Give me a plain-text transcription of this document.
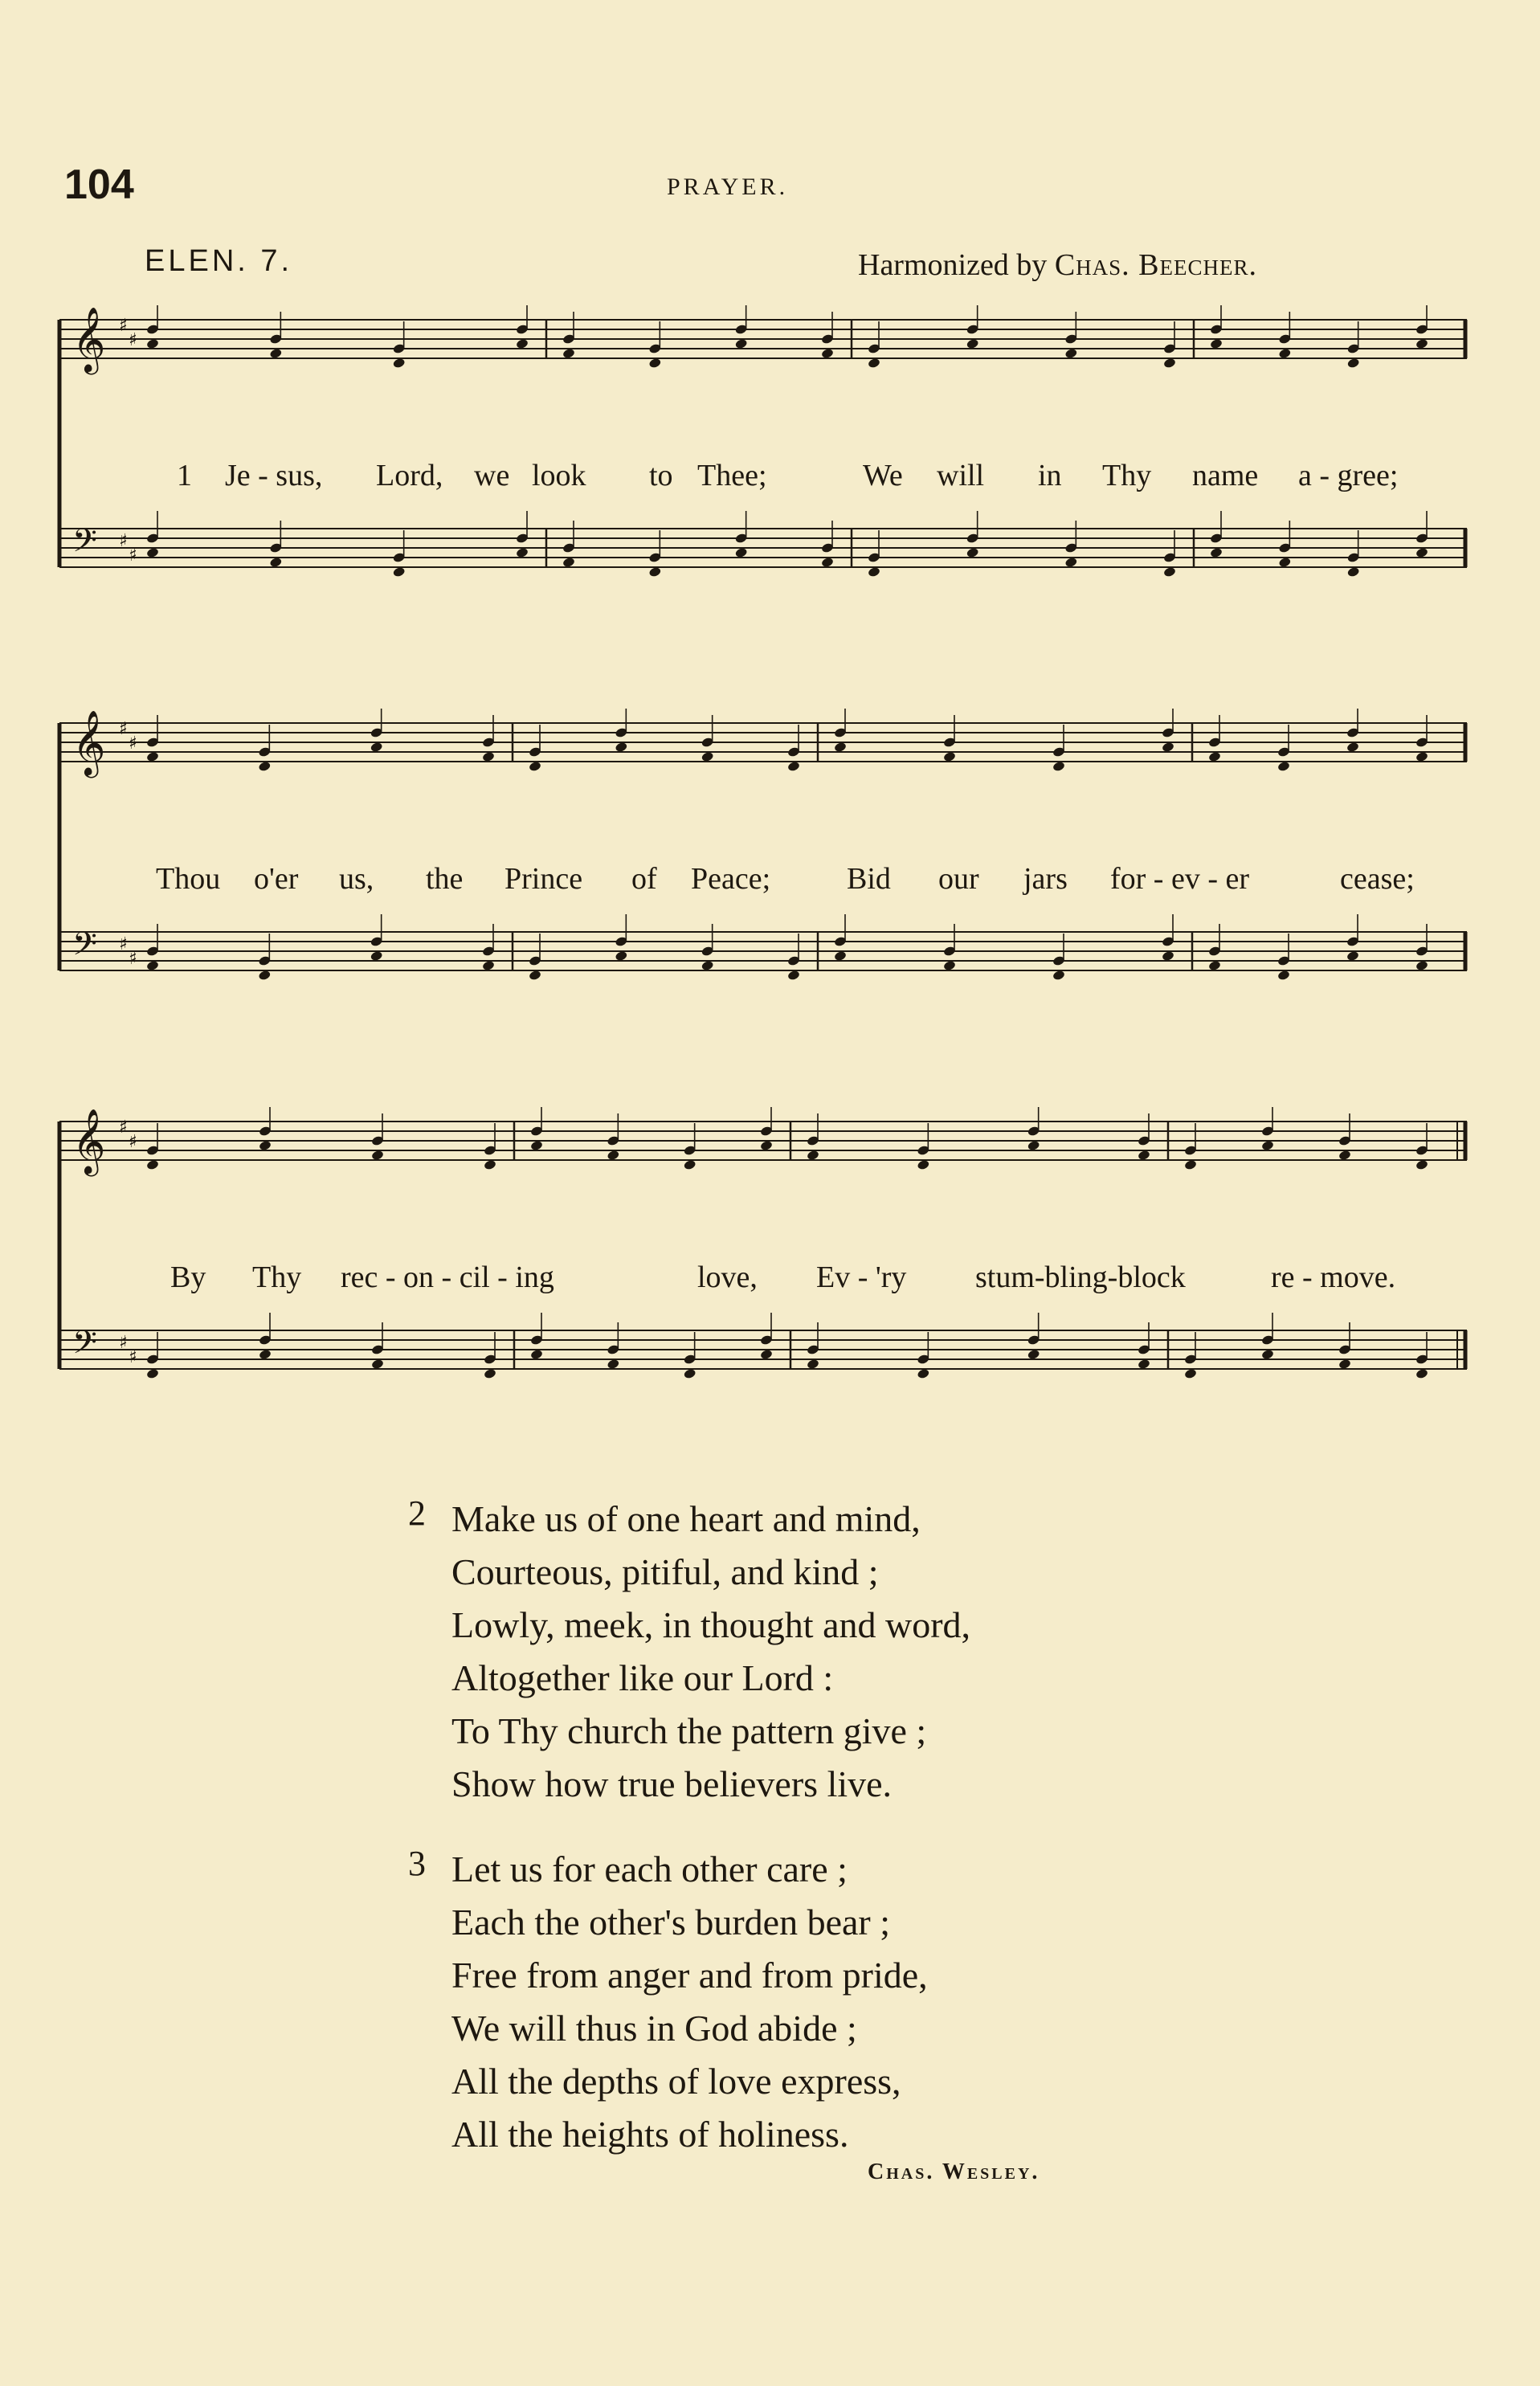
104	PRAYER.
ELEN. 7.	Harmonized by Chas. Beecher.
𝄞 ♯
♯
𝄢 ♯
♯
1 Je - sus, Lord, we look to Thee;	We will in Thy name a - gree;
𝄞 ♯
♯
𝄢 ♯
♯
Thou o'er us, the Prince of Peace; Bid our jars for - ev - er	cease;
𝄞 ♯
♯
𝄢 ♯
♯
By Thy rec - on - cil - ing	love, Ev - 'ry stum-bling-block	re - move.
2 Make us of one heart and mind,
Courteous, pitiful, and kind ;
Lowly, meek, in thought and word,
Altogether like our Lord :
To Thy church the pattern give ;
Show how true believers live.
3 Let us for each other care ;
Each the other's burden bear ;
Free from anger and from pride,
We will thus in God abide ;
All the depths of love express,
All the heights of holiness.
Chas. Wesley.
